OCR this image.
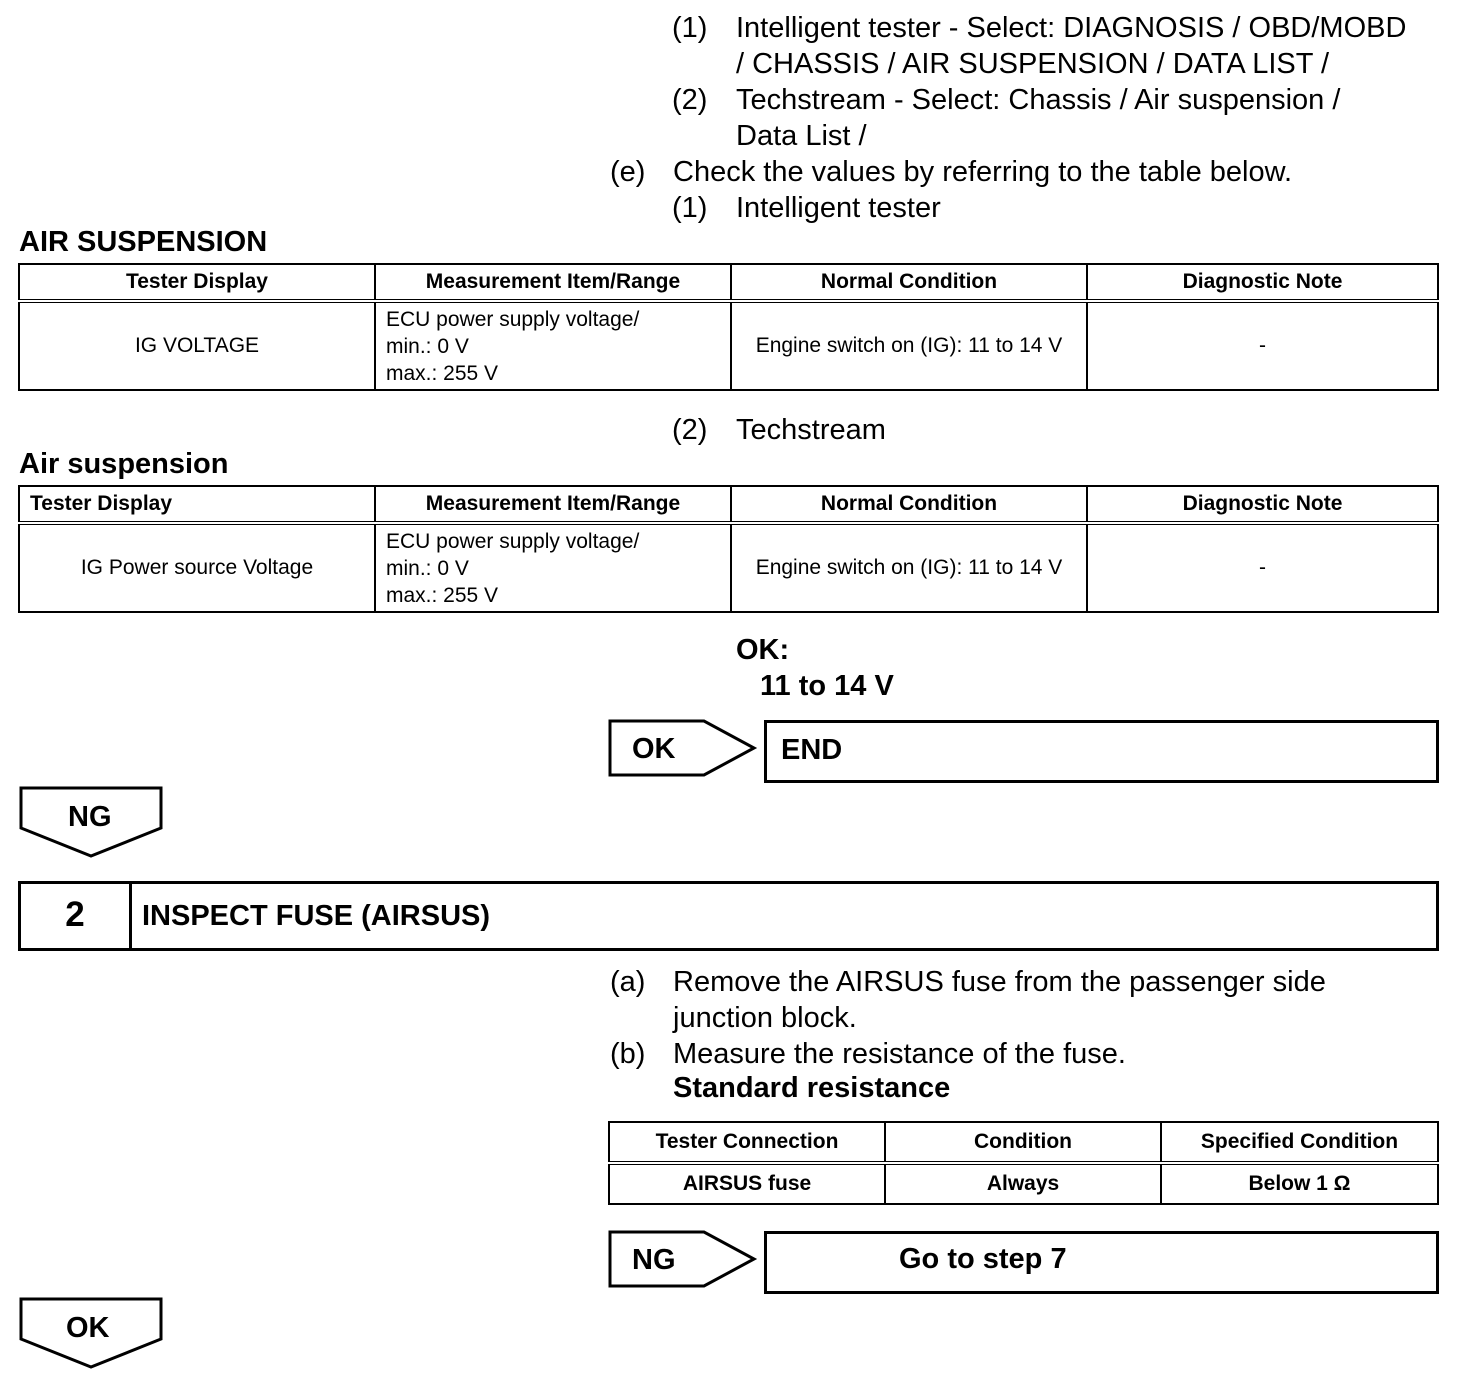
(1) Intelligent tester - Select: DIAGNOSIS / OBD/MOBD
/ CHASSIS / AIR SUSPENSION / DATA LIST /
(2) Techstream - Select: Chassis / Air suspension /
Data List /
(e) Check the values by referring to the table below.
(1) Intelligent tester
AIR SUSPENSION
Tester Display	Measurement Item/Range	Normal Condition	Diagnostic Note
IG VOLTAGE	ECU power supply voltage/
min.: 0 V
max.: 255 V	Engine switch on (IG): 11 to 14 V	-
(2) Techstream
Air suspension
Tester Display	Measurement Item/Range	Normal Condition	Diagnostic Note
IG Power source Voltage	ECU power supply voltage/
min.: 0 V
max.: 255 V	Engine switch on (IG): 11 to 14 V	-
OK:
11 to 14 V
OK	END
NG
2	INSPECT FUSE (AIRSUS)
(a) Remove the AIRSUS fuse from the passenger side
junction block.
(b) Measure the resistance of the fuse.
Standard resistance
Tester Connection	Condition	Specified Condition
AIRSUS fuse	Always	Below 1 Ω
NG	Go to step 7
OK
